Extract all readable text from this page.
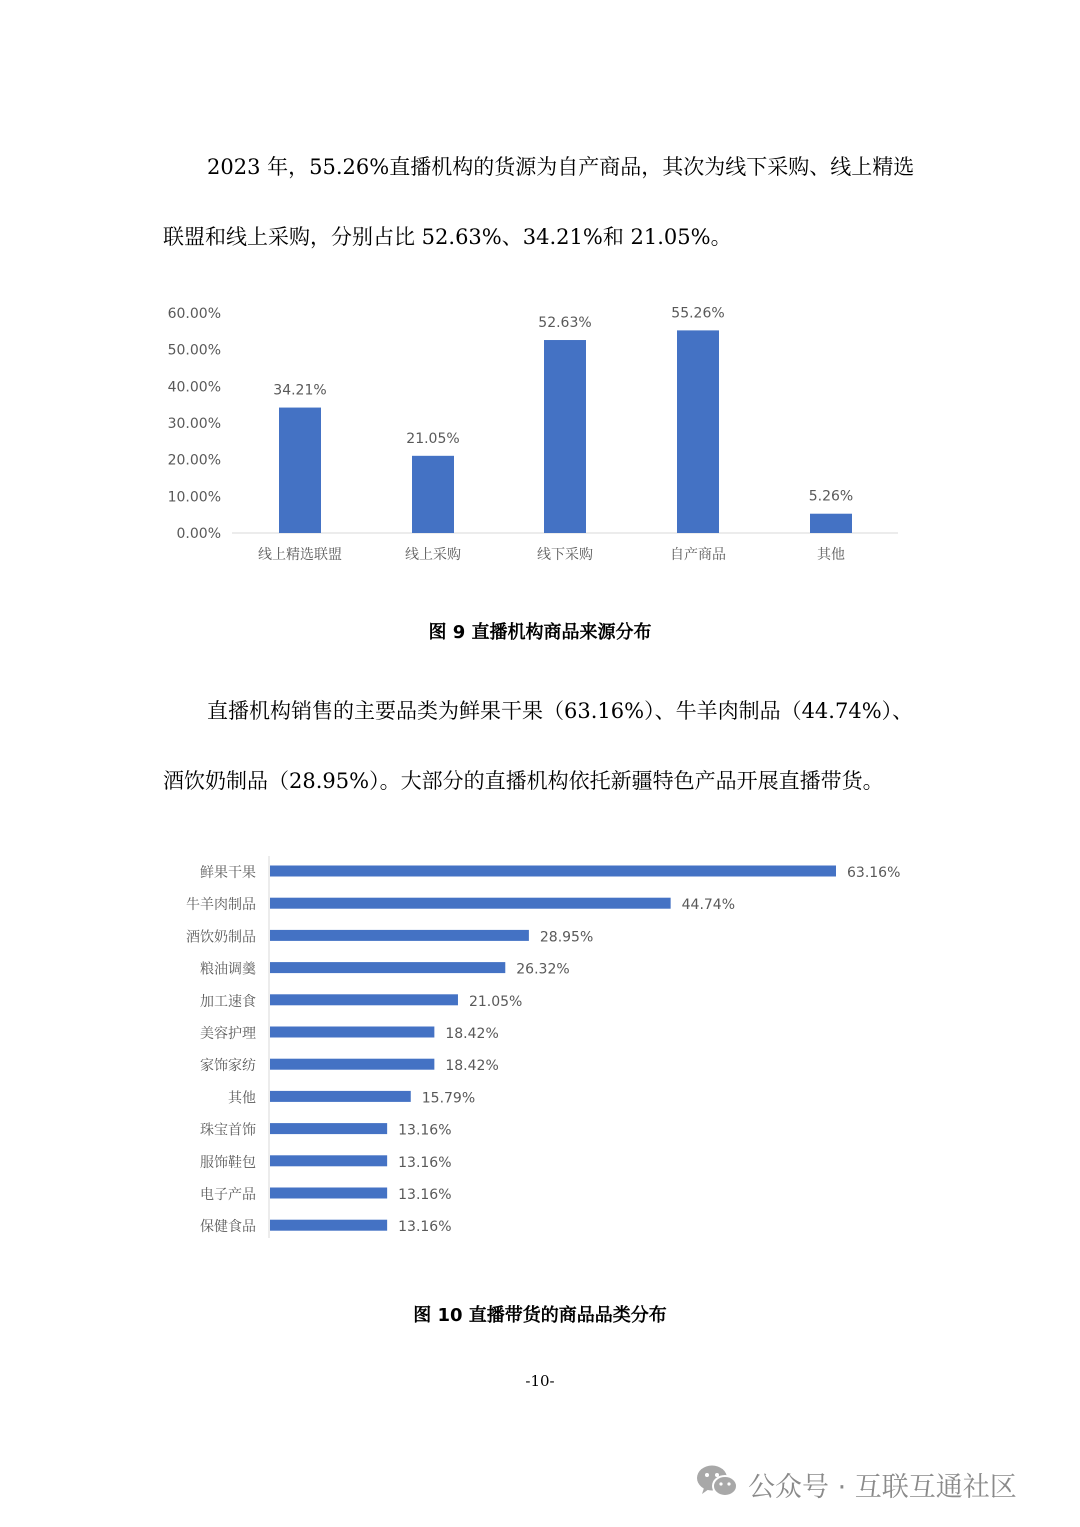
2023 年，55.26%直播机构的货源为自产商品，其次为线下采购、线上精选联盟和线上采购，分别占比 52.63%、34.21%和 21.05%。

0.00%
10.00%
20.00%
30.00%
40.00%
50.00%
60.00%
34.21%
线上精选联盟
21.05%
线上采购
52.63%
线下采购
55.26%
自产商品
5.26%
其他

图 9 直播机构商品来源分布

直播机构销售的主要品类为鲜果干果（63.16%）、牛羊肉制品（44.74%）、酒饮奶制品（28.95%）。大部分的直播机构依托新疆特色产品开展直播带货。

鲜果干果	63.16%
牛羊肉制品	44.74%
酒饮奶制品	28.95%
粮油调羹	26.32%
加工速食	21.05%
美容护理	18.42%
家饰家纺	18.42%
其他	15.79%
珠宝首饰	13.16%
服饰鞋包	13.16%
电子产品	13.16%
保健食品	13.16%

图 10 直播带货的商品品类分布

-10-

公众号 · 互联互通社区
